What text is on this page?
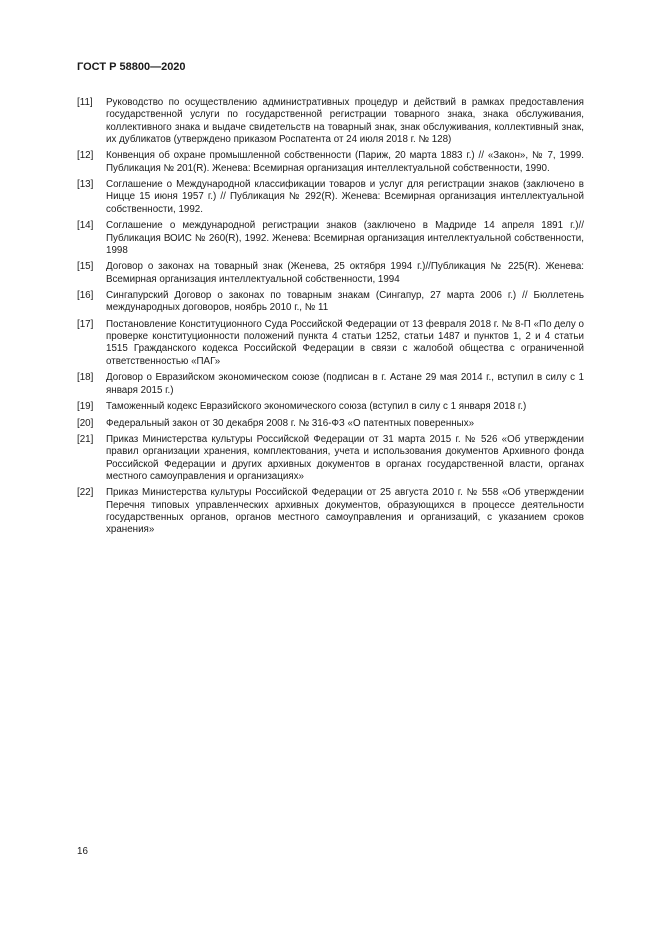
ГОСТ Р 58800—2020
[11]	Руководство по осуществлению административных процедур и действий в рамках предоставления государственной услуги по государственной регистрации товарного знака, знака обслуживания, коллективного знака и выдаче свидетельств на товарный знак, знак обслуживания, коллективный знак, их дубликатов (утверждено приказом Роспатента от 24 июля 2018 г. № 128)
[12]	Конвенция об охране промышленной собственности (Париж, 20 марта 1883 г.) // «Закон», № 7, 1999. Публикация № 201(R). Женева: Всемирная организация интеллектуальной собственности, 1990.
[13]	Соглашение о Международной классификации товаров и услуг для регистрации знаков (заключено в Ницце 15 июня 1957 г.) // Публикация № 292(R). Женева: Всемирная организация интеллектуальной собственности, 1992.
[14]	Соглашение о международной регистрации знаков (заключено в Мадриде 14 апреля 1891 г.)//Публикация ВОИС № 260(R), 1992. Женева: Всемирная организация интеллектуальной собственности, 1998
[15]	Договор о законах на товарный знак (Женева, 25 октября 1994 г.)//Публикация № 225(R). Женева: Всемирная организация интеллектуальной собственности, 1994
[16]	Сингапурский Договор о законах по товарным знакам (Сингапур, 27 марта 2006 г.) // Бюллетень международных договоров, ноябрь 2010 г., № 11
[17]	Постановление Конституционного Суда Российской Федерации от 13 февраля 2018 г. № 8-П «По делу о проверке конституционности положений пункта 4 статьи 1252, статьи 1487 и пунктов 1, 2 и 4 статьи 1515 Гражданского кодекса Российской Федерации в связи с жалобой общества с ограниченной ответственностью «ПАГ»
[18]	Договор о Евразийском экономическом союзе (подписан в г. Астане 29 мая 2014 г., вступил в силу с 1 января 2015 г.)
[19]	Таможенный кодекс Евразийского экономического союза (вступил в силу с 1 января 2018 г.)
[20]	Федеральный закон от 30 декабря 2008 г. № 316-ФЗ «О патентных поверенных»
[21]	Приказ Министерства культуры Российской Федерации от 31 марта 2015 г. № 526 «Об утверждении правил организации хранения, комплектования, учета и использования документов Архивного фонда Российской Федерации и других архивных документов в органах государственной власти, органах местного самоуправления и организациях»
[22]	Приказ Министерства культуры Российской Федерации от 25 августа 2010 г. № 558 «Об утверждении Перечня типовых управленческих архивных документов, образующихся в процессе деятельности государственных органов, органов местного самоуправления и организаций, с указанием сроков хранения»
16
